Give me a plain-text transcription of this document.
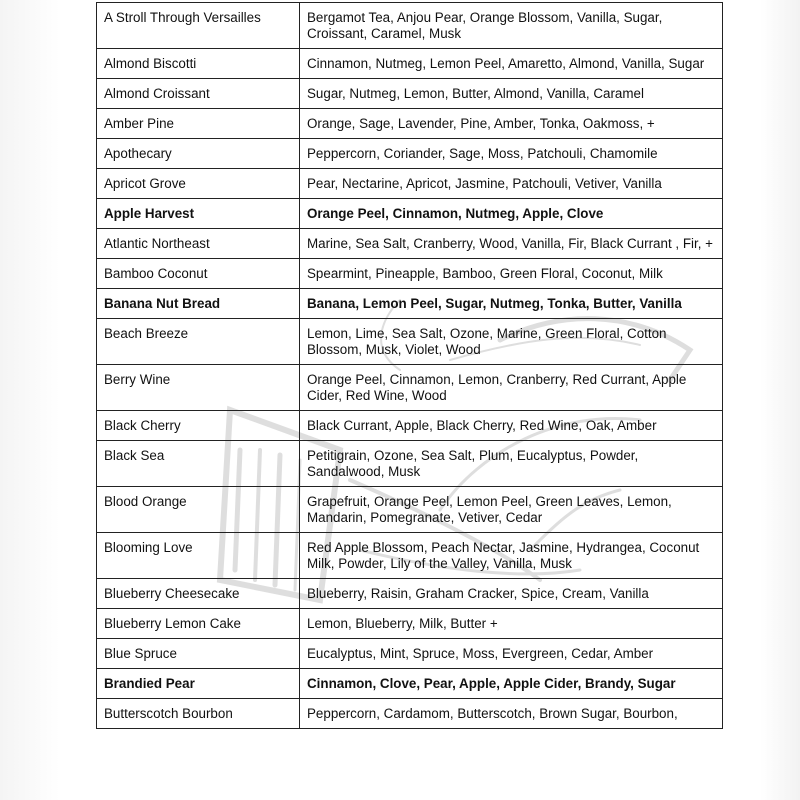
A Stroll Through Versailles	Bergamot Tea, Anjou Pear, Orange Blossom, Vanilla, Sugar, Croissant, Caramel, Musk
Almond Biscotti	Cinnamon, Nutmeg, Lemon Peel, Amaretto, Almond, Vanilla, Sugar
Almond Croissant	Sugar, Nutmeg, Lemon, Butter, Almond, Vanilla, Caramel
Amber Pine	Orange, Sage, Lavender, Pine, Amber, Tonka, Oakmoss, +
Apothecary	Peppercorn, Coriander, Sage, Moss, Patchouli, Chamomile
Apricot Grove	Pear, Nectarine, Apricot, Jasmine, Patchouli, Vetiver, Vanilla
Apple Harvest	Orange Peel, Cinnamon, Nutmeg, Apple, Clove
Atlantic Northeast	Marine, Sea Salt, Cranberry, Wood, Vanilla, Fir, Black Currant , Fir, +
Bamboo Coconut	Spearmint, Pineapple, Bamboo, Green Floral, Coconut, Milk
Banana Nut Bread	Banana, Lemon Peel, Sugar, Nutmeg, Tonka, Butter, Vanilla
Beach Breeze	Lemon, Lime, Sea Salt, Ozone, Marine, Green Floral, Cotton Blossom, Musk, Violet, Wood
Berry Wine	Orange Peel, Cinnamon, Lemon, Cranberry, Red Currant, Apple Cider, Red Wine, Wood
Black Cherry	Black Currant, Apple, Black Cherry, Red Wine, Oak, Amber
Black Sea	Petitigrain, Ozone, Sea Salt, Plum, Eucalyptus, Powder, Sandalwood, Musk
Blood Orange	Grapefruit, Orange Peel, Lemon Peel, Green Leaves, Lemon, Mandarin, Pomegranate, Vetiver, Cedar
Blooming Love	Red Apple Blossom, Peach Nectar, Jasmine, Hydrangea, Coconut Milk, Powder, Lily of the Valley, Vanilla, Musk
Blueberry Cheesecake	Blueberry, Raisin, Graham Cracker, Spice, Cream, Vanilla
Blueberry Lemon Cake	Lemon, Blueberry, Milk, Butter +
Blue Spruce	Eucalyptus, Mint, Spruce, Moss, Evergreen, Cedar, Amber
Brandied Pear	Cinnamon, Clove, Pear, Apple, Apple Cider, Brandy, Sugar
Butterscotch Bourbon	Peppercorn, Cardamom, Butterscotch, Brown Sugar, Bourbon,
